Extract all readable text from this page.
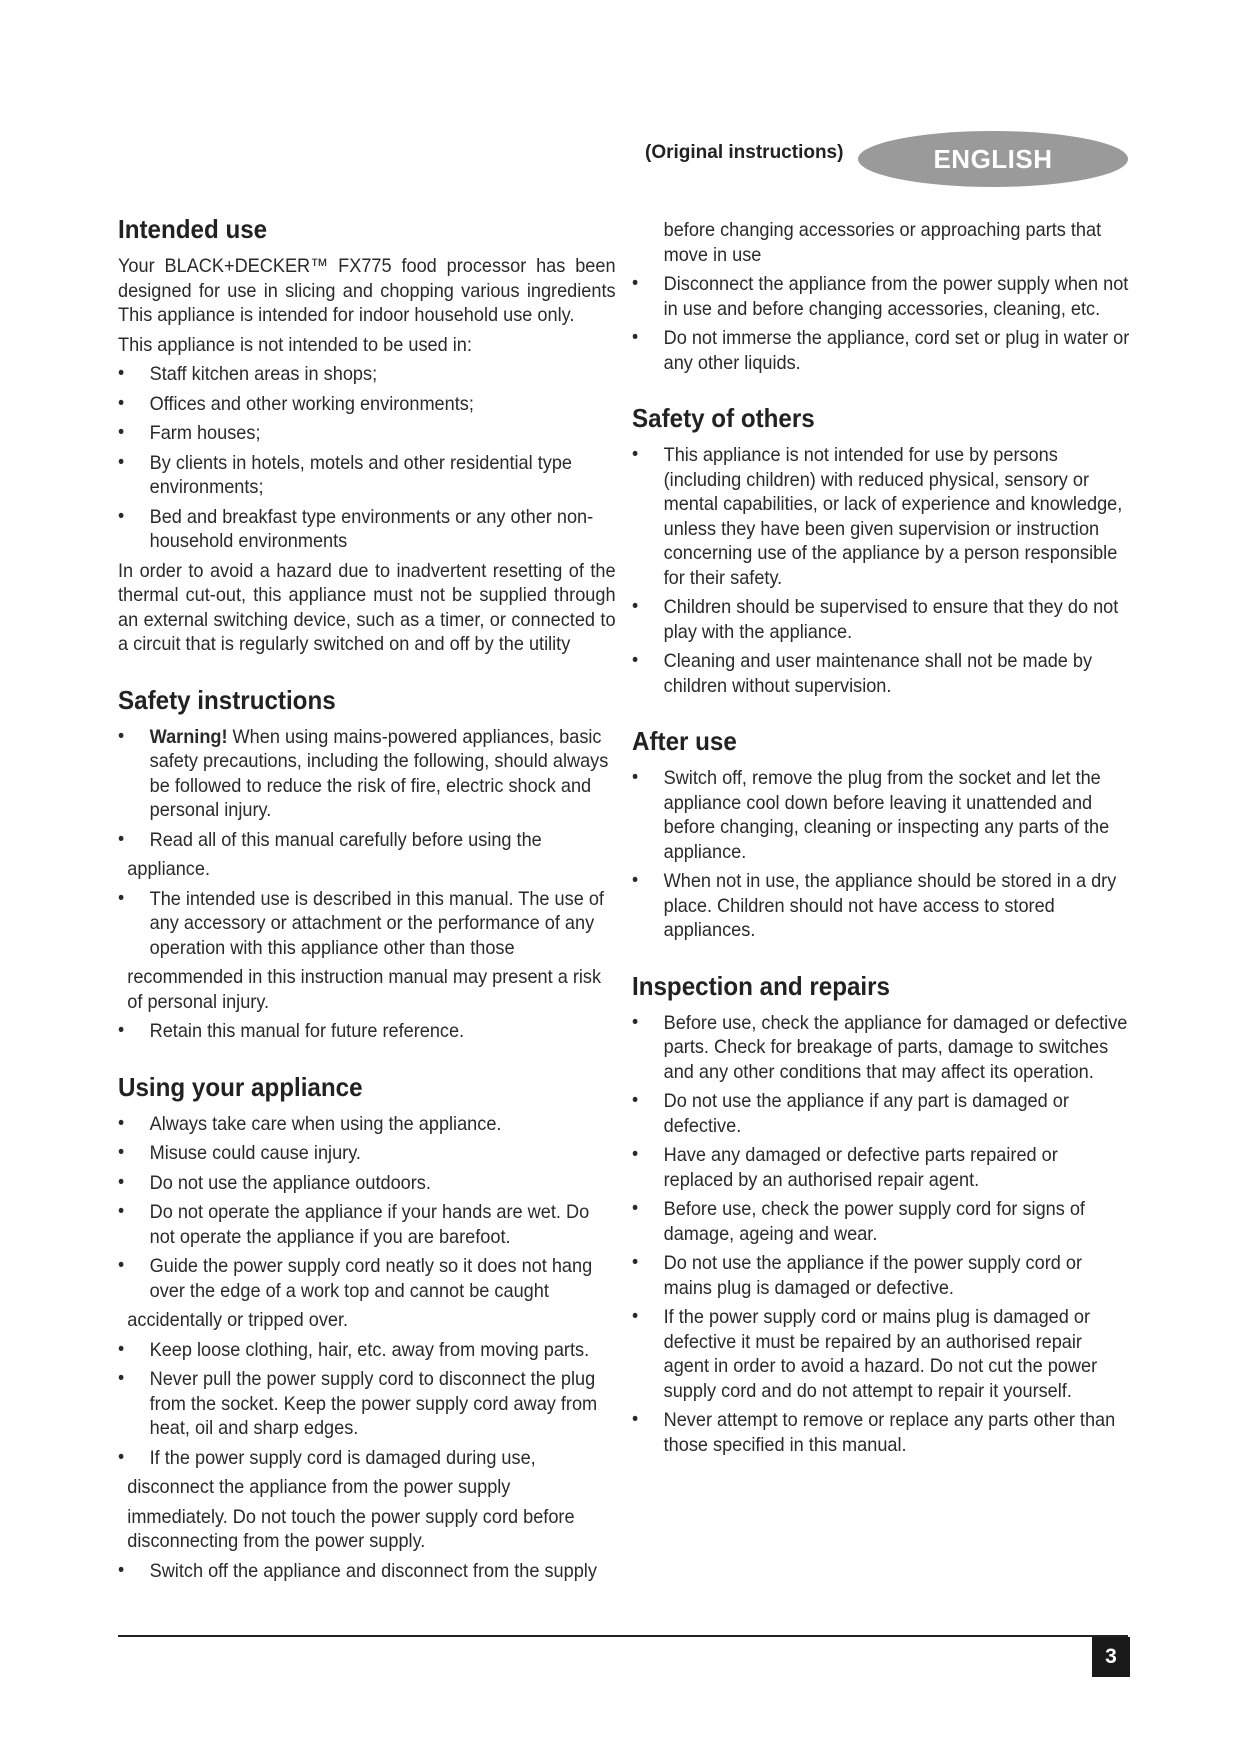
(Original instructions)	ENGLISH
Intended use

Your BLACK+DECKER™ FX775 food processor has been designed for use in slicing and chopping various ingredients This appliance is intended for indoor household use only.

This appliance is not intended to be used in:

• Staff kitchen areas in shops;
• Offices and other working environments;
• Farm houses;
• By clients in hotels, motels and other residential type environments;
• Bed and breakfast type environments or any other non-household environments

In order to avoid a hazard due to inadvertent resetting of the thermal cut-out, this appliance must not be supplied through an external switching device, such as a timer, or connected to a circuit that is regularly switched on and off by the utility

Safety instructions
• Warning! When using mains-powered appliances, basic safety precautions, including the following, should always be followed to reduce the risk of fire, electric shock and personal injury.
• Read all of this manual carefully before using the
appliance.
• The intended use is described in this manual. The use of any accessory or attachment or the performance of any operation with this appliance other than those
recommended in this instruction manual may present a risk of personal injury.
• Retain this manual for future reference.
Using your appliance
• Always take care when using the appliance.
• Misuse could cause injury.
• Do not use the appliance outdoors.
• Do not operate the appliance if your hands are wet. Do not operate the appliance if you are barefoot.
• Guide the power supply cord neatly so it does not hang over the edge of a work top and cannot be caught
accidentally or tripped over.
• Keep loose clothing, hair, etc. away from moving parts.
• Never pull the power supply cord to disconnect the plug from the socket. Keep the power supply cord away from heat, oil and sharp edges.
• If the power supply cord is damaged during use,
disconnect the appliance from the power supply
immediately. Do not touch the power supply cord before disconnecting from the power supply.
• Switch off the appliance and disconnect from the supply
before changing accessories or approaching parts that move in use
• Disconnect the appliance from the power supply when not in use and before changing accessories, cleaning, etc.
• Do not immerse the appliance, cord set or plug in water or any other liquids.
Safety of others
• This appliance is not intended for use by persons (including children) with reduced physical, sensory or mental capabilities, or lack of experience and knowledge, unless they have been given supervision or instruction concerning use of the appliance by a person responsible for their safety.
• Children should be supervised to ensure that they do not play with the appliance.
• Cleaning and user maintenance shall not be made by children without supervision.
After use
• Switch off, remove the plug from the socket and let the appliance cool down before leaving it unattended and before changing, cleaning or inspecting any parts of the appliance.
• When not in use, the appliance should be stored in a dry place. Children should not have access to stored appliances.
Inspection and repairs
• Before use, check the appliance for damaged or defective parts. Check for breakage of parts, damage to switches and any other conditions that may affect its operation.
• Do not use the appliance if any part is damaged or defective.
• Have any damaged or defective parts repaired or replaced by an authorised repair agent.
• Before use, check the power supply cord for signs of damage, ageing and wear.
• Do not use the appliance if the power supply cord or mains plug is damaged or defective.
• If the power supply cord or mains plug is damaged or defective it must be repaired by an authorised repair agent in order to avoid a hazard. Do not cut the power supply cord and do not attempt to repair it yourself.
• Never attempt to remove or replace any parts other than those specified in this manual.
3
